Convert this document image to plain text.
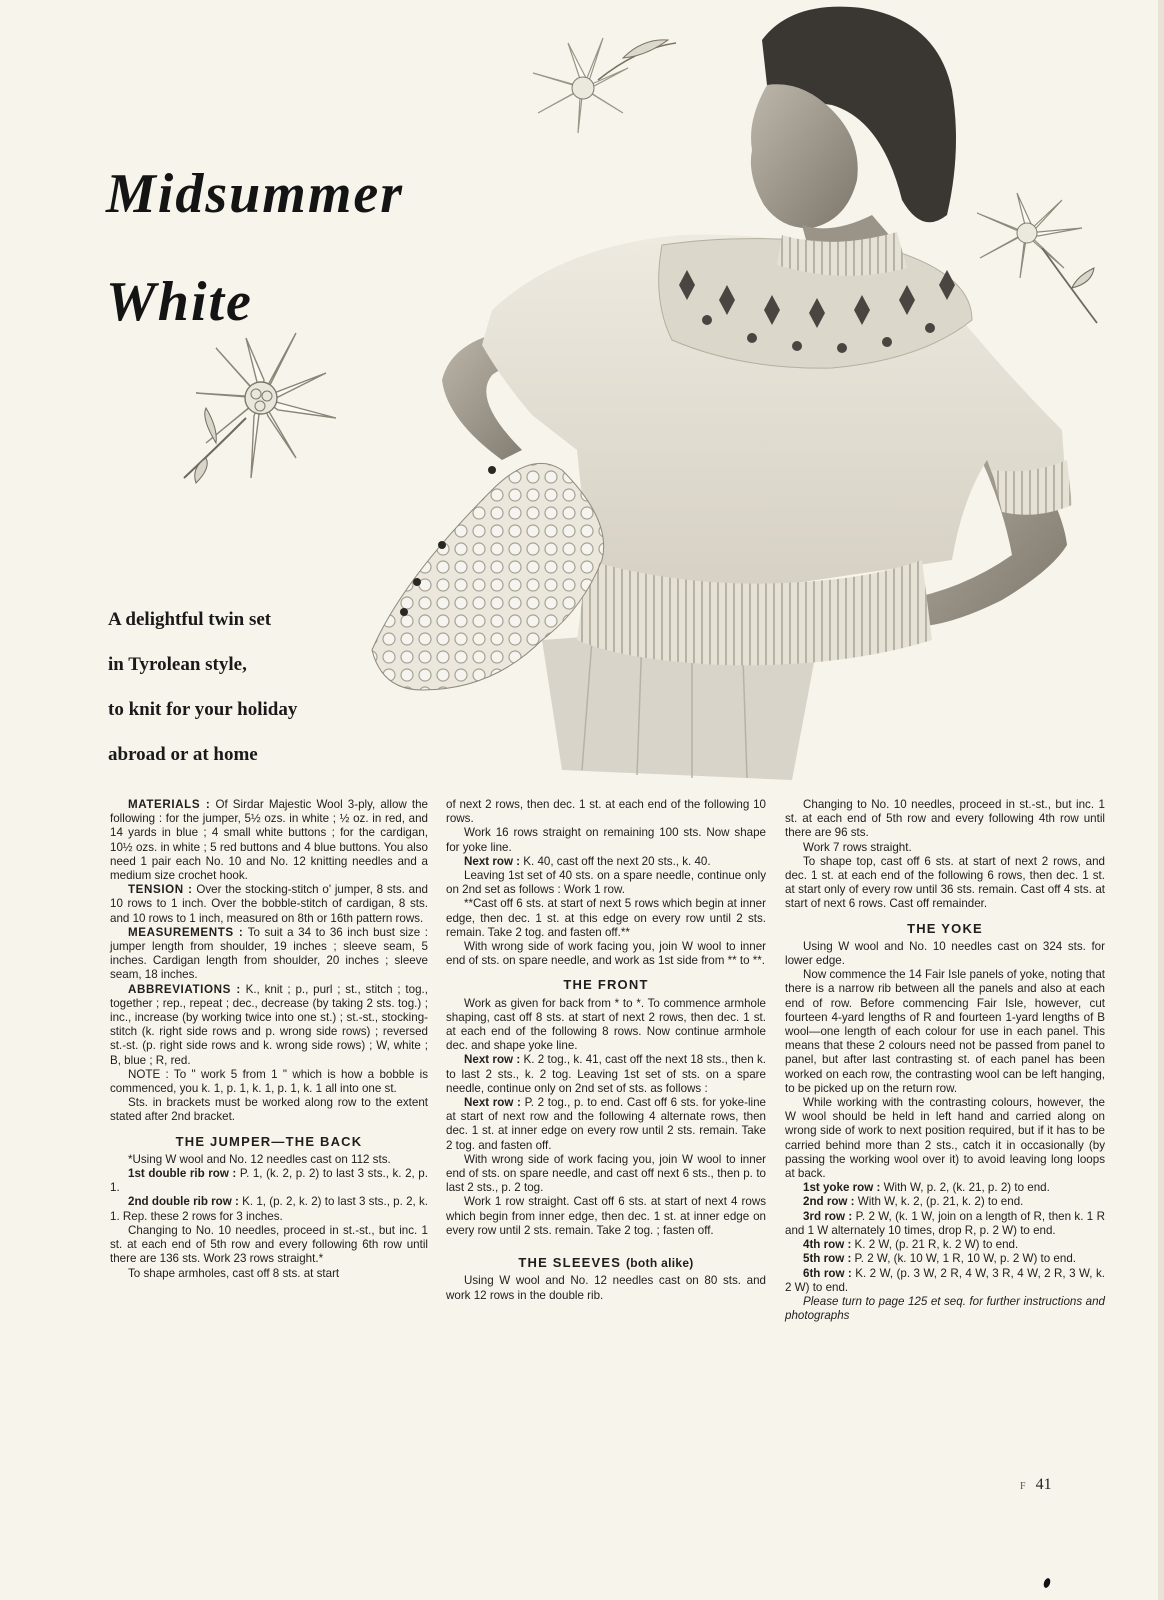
Midsummer
White
A delightful twin set
in Tyrolean style,
to knit for your holiday
abroad or at home

MATERIALS : Of Sirdar Majestic Wool 3-ply, allow the following : for the jumper, 5½ ozs. in white ; ½ oz. in red, and 14 yards in blue ; 4 small white buttons ; for the cardigan, 10½ ozs. in white ; 5 red buttons and 4 blue buttons. You also need 1 pair each No. 10 and No. 12 knitting needles and a medium size crochet hook.

TENSION : Over the stocking-stitch o' jumper, 8 sts. and 10 rows to 1 inch. Over the bobble-stitch of cardigan, 8 sts. and 10 rows to 1 inch, measured on 8th or 16th pattern rows.

MEASUREMENTS : To suit a 34 to 36 inch bust size : jumper length from shoulder, 19 inches ; sleeve seam, 5 inches. Cardigan length from shoulder, 20 inches ; sleeve seam, 18 inches.

ABBREVIATIONS : K., knit ; p., purl ; st., stitch ; tog., together ; rep., repeat ; dec., decrease (by taking 2 sts. tog.) ; inc., increase (by working twice into one st.) ; st.-st., stocking-stitch (k. right side rows and p. wrong side rows) ; reversed st.-st. (p. right side rows and k. wrong side rows) ; W, white ; B, blue ; R, red.

NOTE : To " work 5 from 1 " which is how a bobble is commenced, you k. 1, p. 1, k. 1, p. 1, k. 1 all into one st.

Sts. in brackets must be worked along row to the extent stated after 2nd bracket.

THE JUMPER—THE BACK

*Using W wool and No. 12 needles cast on 112 sts.

1st double rib row : P. 1, (k. 2, p. 2) to last 3 sts., k. 2, p. 1.

2nd double rib row : K. 1, (p. 2, k. 2) to last 3 sts., p. 2, k. 1. Rep. these 2 rows for 3 inches.

Changing to No. 10 needles, proceed in st.-st., but inc. 1 st. at each end of 5th row and every following 6th row until there are 136 sts. Work 23 rows straight.*

To shape armholes, cast off 8 sts. at start

of next 2 rows, then dec. 1 st. at each end of the following 10 rows.

Work 16 rows straight on remaining 100 sts. Now shape for yoke line.

Next row : K. 40, cast off the next 20 sts., k. 40.

Leaving 1st set of 40 sts. on a spare needle, continue only on 2nd set as follows : Work 1 row.

**Cast off 6 sts. at start of next 5 rows which begin at inner edge, then dec. 1 st. at this edge on every row until 2 sts. remain. Take 2 tog. and fasten off.**

With wrong side of work facing you, join W wool to inner end of sts. on spare needle, and work as 1st side from ** to **.

THE FRONT

Work as given for back from * to *. To commence armhole shaping, cast off 8 sts. at start of next 2 rows, then dec. 1 st. at each end of the following 8 rows. Now continue armhole dec. and shape yoke line.

Next row : K. 2 tog., k. 41, cast off the next 18 sts., then k. to last 2 sts., k. 2 tog. Leaving 1st set of sts. on a spare needle, continue only on 2nd set of sts. as follows :

Next row : P. 2 tog., p. to end. Cast off 6 sts. for yoke-line at start of next row and the following 4 alternate rows, then dec. 1 st. at inner edge on every row until 2 sts. remain. Take 2 tog. and fasten off.

With wrong side of work facing you, join W wool to inner end of sts. on spare needle, and cast off next 6 sts., then p. to last 2 sts., p. 2 tog.

Work 1 row straight. Cast off 6 sts. at start of next 4 rows which begin from inner edge, then dec. 1 st. at inner edge on every row until 2 sts. remain. Take 2 tog. ; fasten off.

THE SLEEVES (both alike)

Using W wool and No. 12 needles cast on 80 sts. and work 12 rows in the double rib.

Changing to No. 10 needles, proceed in st.-st., but inc. 1 st. at each end of 5th row and every following 4th row until there are 96 sts.

Work 7 rows straight.

To shape top, cast off 6 sts. at start of next 2 rows, and dec. 1 st. at each end of the following 6 rows, then dec. 1 st. at start only of every row until 36 sts. remain. Cast off 4 sts. at start of next 6 rows. Cast off remainder.

THE YOKE

Using W wool and No. 10 needles cast on 324 sts. for lower edge.

Now commence the 14 Fair Isle panels of yoke, noting that there is a narrow rib between all the panels and also at each end of row. Before commencing Fair Isle, however, cut fourteen 4-yard lengths of R and fourteen 1-yard lengths of B wool—one length of each colour for use in each panel. This means that these 2 colours need not be passed from panel to panel, but after last contrasting st. of each panel has been worked on each row, the contrasting wool can be left hanging, to be picked up on the return row.

While working with the contrasting colours, however, the W wool should be held in left hand and carried along on wrong side of work to next position required, but if it has to be carried behind more than 2 sts., catch it in occasionally (by passing the working wool over it) to avoid leaving long loops at back.

1st yoke row : With W, p. 2, (k. 21, p. 2) to end.

2nd row : With W, k. 2, (p. 21, k. 2) to end.

3rd row : P. 2 W, (k. 1 W, join on a length of R, then k. 1 R and 1 W alternately 10 times, drop R, p. 2 W) to end.

4th row : K. 2 W, (p. 21 R, k. 2 W) to end.

5th row : P. 2 W, (k. 10 W, 1 R, 10 W, p. 2 W) to end.

6th row : K. 2 W, (p. 3 W, 2 R, 4 W, 3 R, 4 W, 2 R, 3 W, k. 2 W) to end.

Please turn to page 125 et seq. for further instructions and photographs

F 41
